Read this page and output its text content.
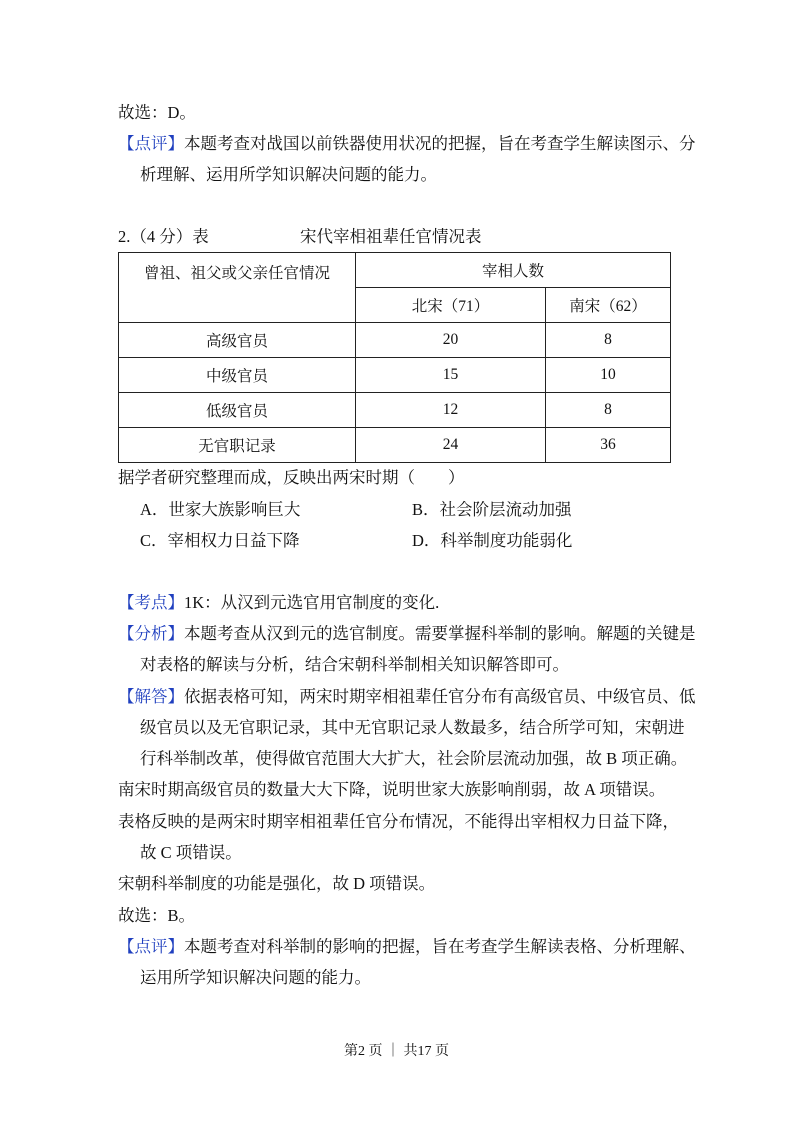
故选：D。
【点评】本题考查对战国以前铁器使用状况的把握，旨在考查学生解读图示、分
析理解、运用所学知识解决问题的能力。
2.（4 分）表	宋代宰相祖辈任官情况表
曾祖、祖父或父亲任官情况	宰相人数	
	北宋（71）	南宋（62）
高级官员	20	8
中级官员	15	10
低级官员	12	8
无官职记录	24	36
据学者研究整理而成，反映出两宋时期（　　）
A．世家大族影响巨大	B．社会阶层流动加强
C．宰相权力日益下降	D．科举制度功能弱化
【考点】1K：从汉到元选官用官制度的变化.
【分析】本题考查从汉到元的选官制度。需要掌握科举制的影响。解题的关键是
对表格的解读与分析，结合宋朝科举制相关知识解答即可。
【解答】依据表格可知，两宋时期宰相祖辈任官分布有高级官员、中级官员、低
级官员以及无官职记录，其中无官职记录人数最多，结合所学可知，宋朝进
行科举制改革，使得做官范围大大扩大，社会阶层流动加强，故 B 项正确。
南宋时期高级官员的数量大大下降，说明世家大族影响削弱，故 A 项错误。
表格反映的是两宋时期宰相祖辈任官分布情况，不能得出宰相权力日益下降，
故 C 项错误。
宋朝科举制度的功能是强化，故 D 项错误。
故选：B。
【点评】本题考查对科举制的影响的把握，旨在考查学生解读表格、分析理解、
运用所学知识解决问题的能力。
第2 页 ｜ 共17 页
